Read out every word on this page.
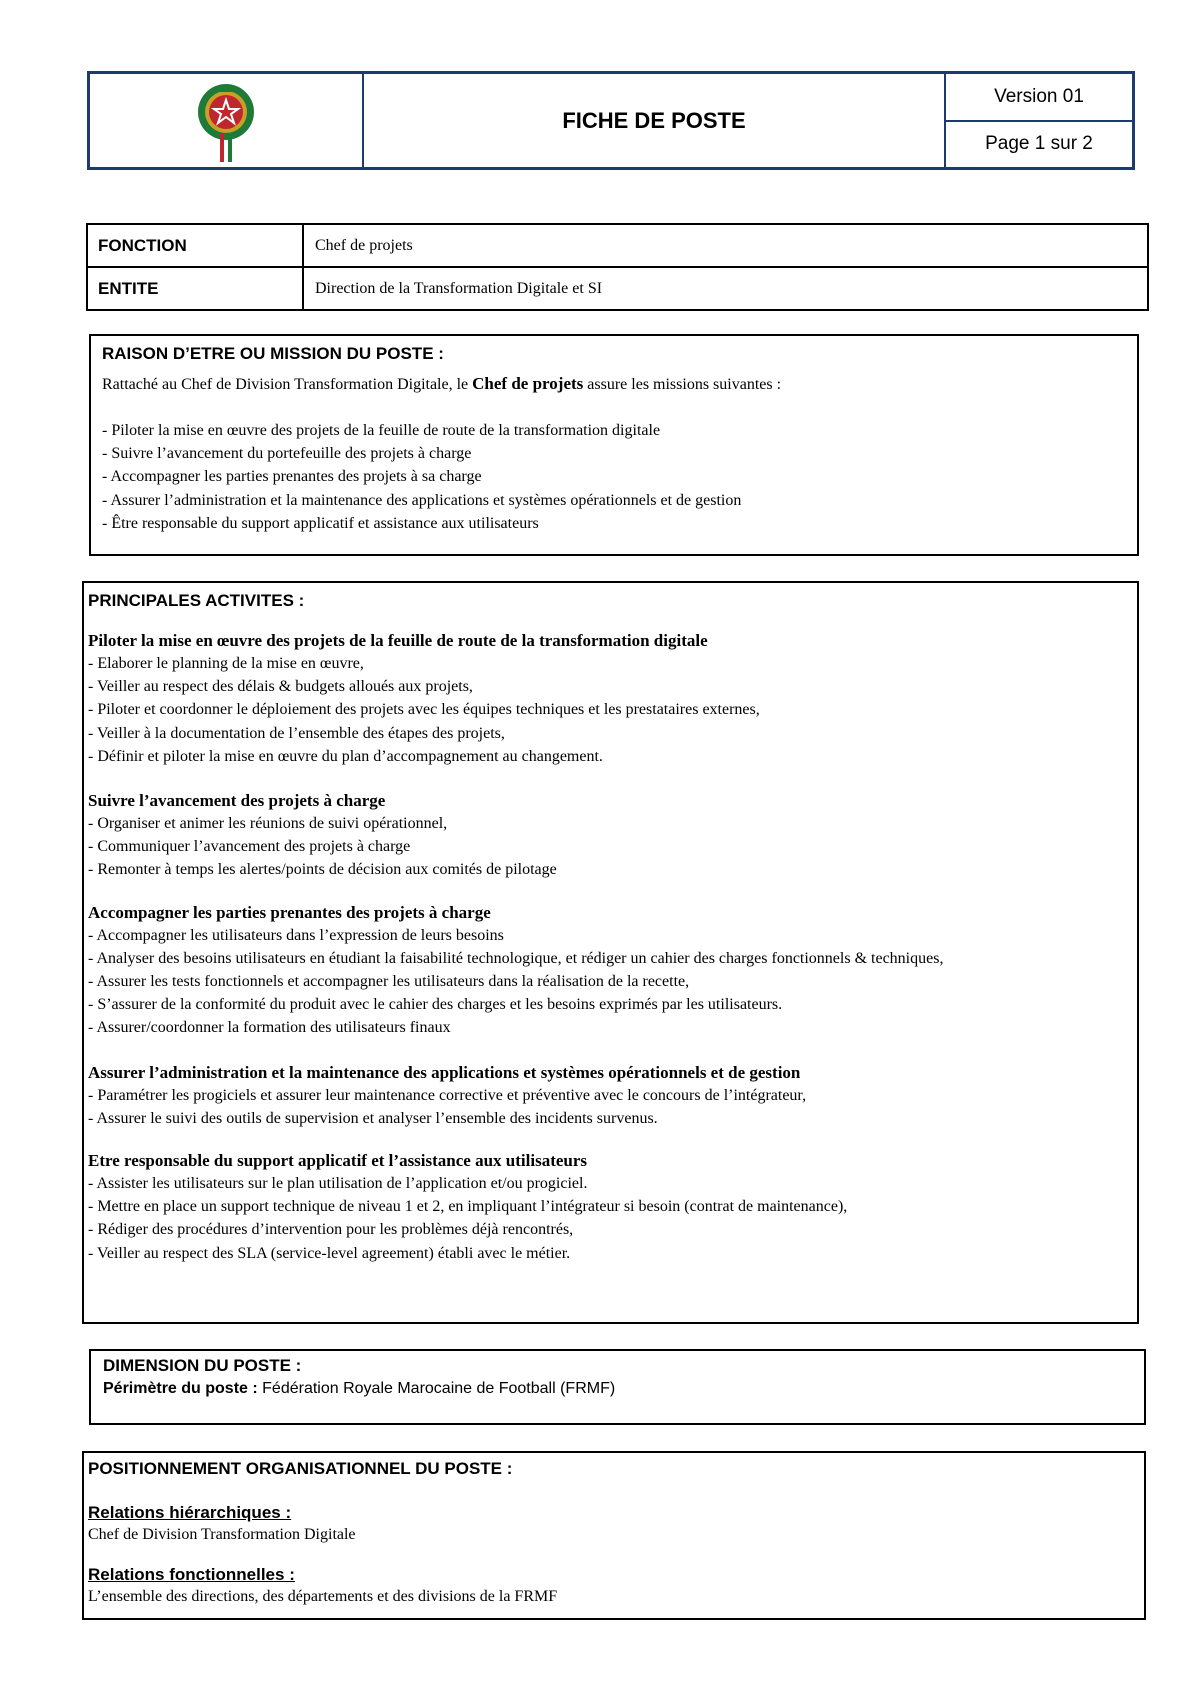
FICHE DE POSTE
Version 01
Page 1 sur 2
FONCTION	Chef de projets
ENTITE	Direction de la Transformation Digitale et SI
RAISON D’ETRE OU MISSION DU POSTE :
Rattaché au Chef de Division Transformation Digitale, le Chef de projets assure les missions suivantes :

- Piloter la mise en œuvre des projets de la feuille de route de la transformation digitale

- Suivre l’avancement du portefeuille des projets à charge

- Accompagner les parties prenantes des projets à sa charge

- Assurer l’administration et la maintenance des applications et systèmes opérationnels et de gestion

- Être responsable du support applicatif et assistance aux utilisateurs

PRINCIPALES ACTIVITES :

Piloter la mise en œuvre des projets de la feuille de route de la transformation digitale

- Elaborer le planning de la mise en œuvre,

- Veiller au respect des délais & budgets alloués aux projets,

- Piloter et coordonner le déploiement des projets avec les équipes techniques et les prestataires externes,

- Veiller à la documentation de l’ensemble des étapes des projets,

- Définir et piloter la mise en œuvre du plan d’accompagnement au changement.

Suivre l’avancement des projets à charge

- Organiser et animer les réunions de suivi opérationnel,

- Communiquer l’avancement des projets à charge

- Remonter à temps les alertes/points de décision aux comités de pilotage

Accompagner les parties prenantes des projets à charge

- Accompagner les utilisateurs dans l’expression de leurs besoins

- Analyser des besoins utilisateurs en étudiant la faisabilité technologique, et rédiger un cahier des charges fonctionnels & techniques,

- Assurer les tests fonctionnels et accompagner les utilisateurs dans la réalisation de la recette,

- S’assurer de la conformité du produit avec le cahier des charges et les besoins exprimés par les utilisateurs.

- Assurer/coordonner la formation des utilisateurs finaux

Assurer l’administration et la maintenance des applications et systèmes opérationnels et de gestion

- Paramétrer les progiciels et assurer leur maintenance corrective et préventive avec le concours de l’intégrateur,

- Assurer le suivi des outils de supervision et analyser l’ensemble des incidents survenus.

Etre responsable du support applicatif et l’assistance aux utilisateurs

- Assister les utilisateurs sur le plan utilisation de l’application et/ou progiciel.

- Mettre en place un support technique de niveau 1 et 2, en impliquant l’intégrateur si besoin (contrat de maintenance),

- Rédiger des procédures d’intervention pour les problèmes déjà rencontrés,

- Veiller au respect des SLA (service-level agreement) établi avec le métier.

DIMENSION DU POSTE :
Périmètre du poste : Fédération Royale Marocaine de Football (FRMF)
POSITIONNEMENT ORGANISATIONNEL DU POSTE :
Relations hiérarchiques :
Chef de Division Transformation Digitale
Relations fonctionnelles :
L’ensemble des directions, des départements et des divisions de la FRMF
